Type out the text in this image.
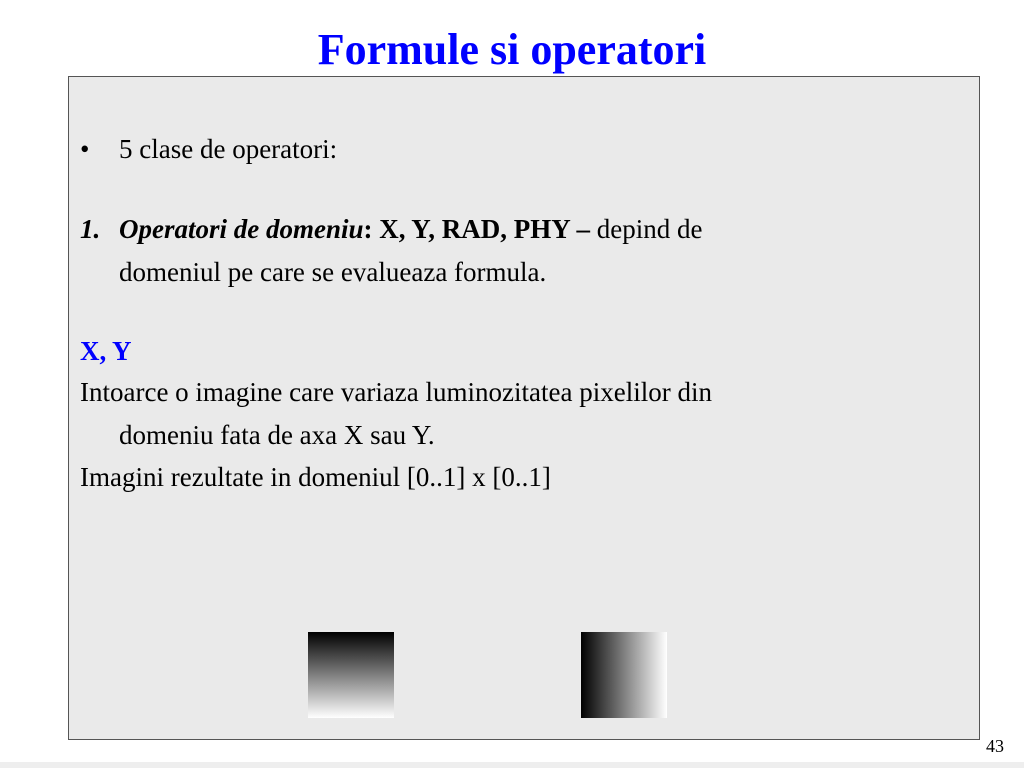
Formule si operatori
• 5 clase de operatori:
1. Operatori de domeniu: X, Y, RAD, PHY – depind de
domeniul pe care se evalueaza formula.
X, Y
Intoarce o imagine care variaza luminozitatea pixelilor din
domeniu fata de axa X sau Y.
Imagini rezultate in domeniul [0..1] x [0..1]
43
